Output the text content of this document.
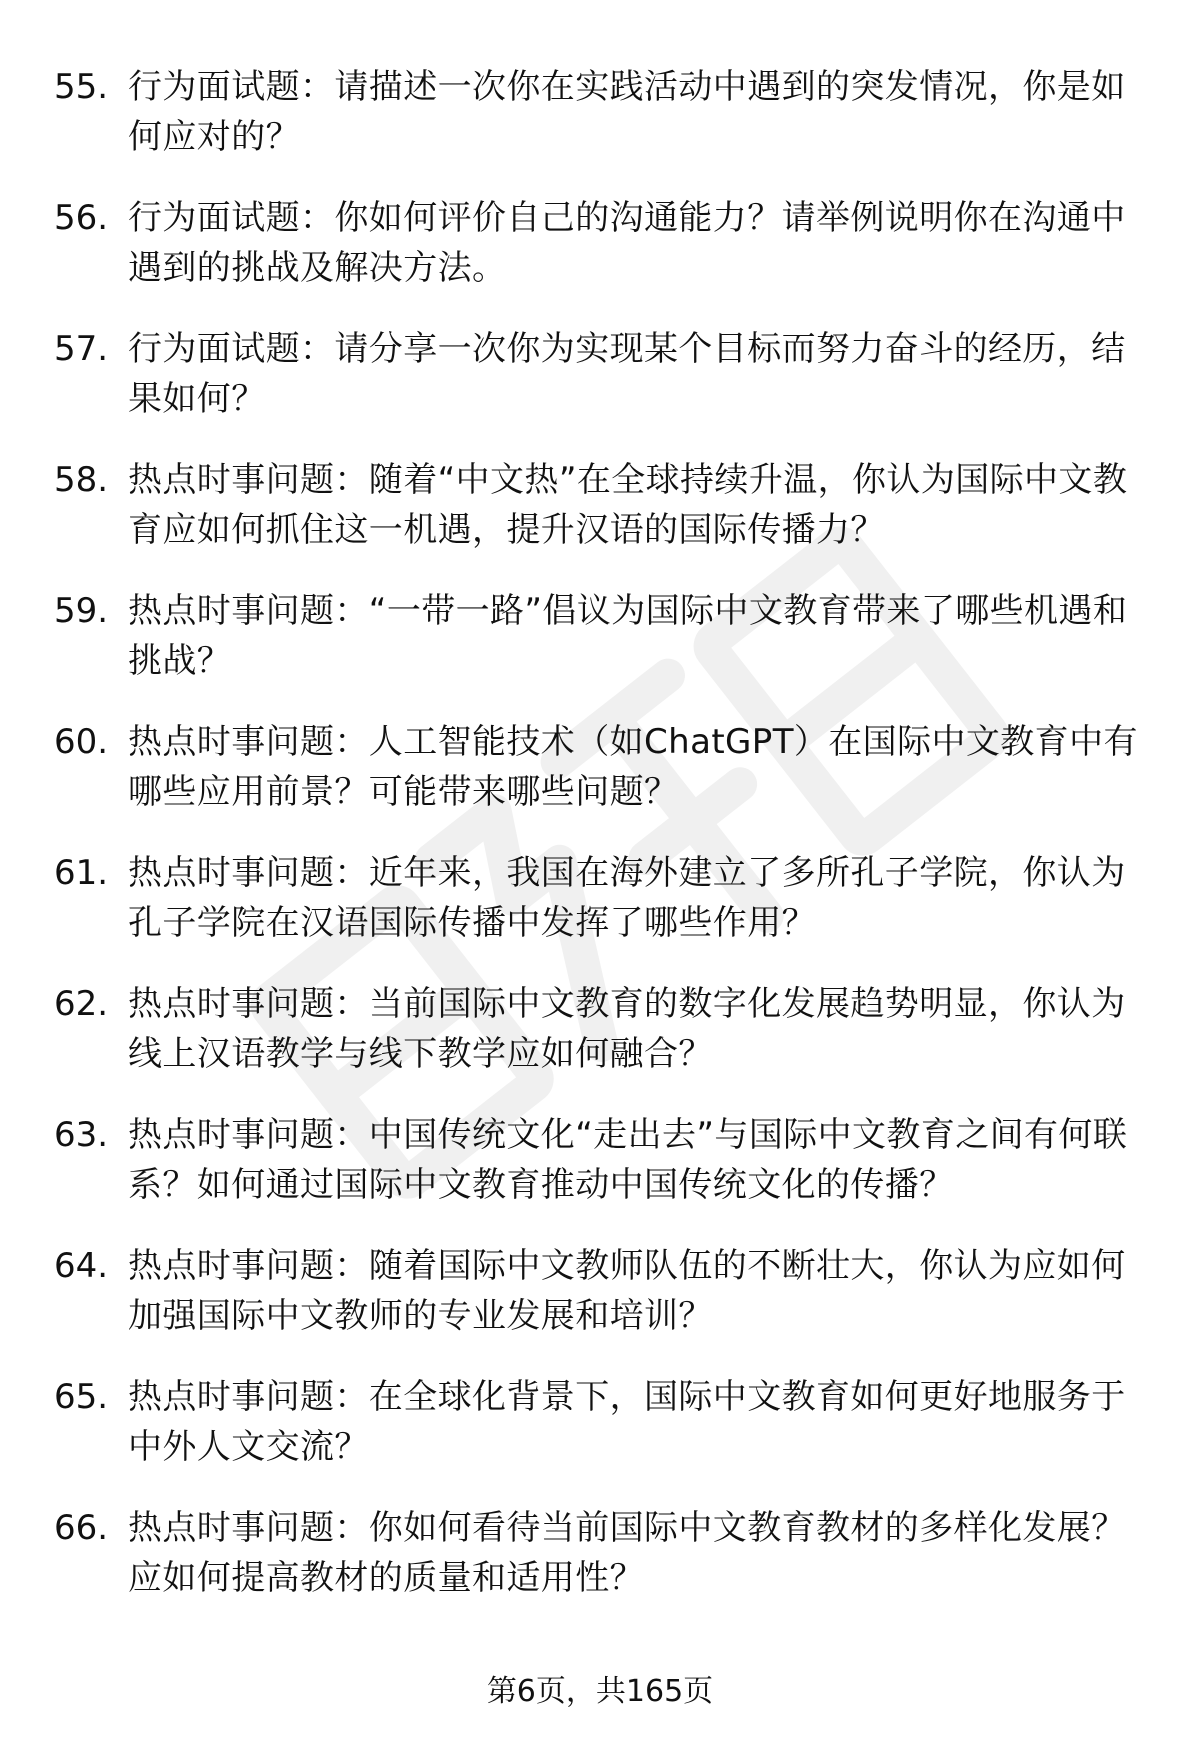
55. 行为面试题：请描述一次你在实践活动中遇到的突发情况，你是如何应对的？
56. 行为面试题：你如何评价自己的沟通能力？请举例说明你在沟通中遇到的挑战及解决方法。
57. 行为面试题：请分享一次你为实现某个目标而努力奋斗的经历，结果如何？
58. 热点时事问题：随着“中文热”在全球持续升温，你认为国际中文教育应如何抓住这一机遇，提升汉语的国际传播力？
59. 热点时事问题：“一带一路”倡议为国际中文教育带来了哪些机遇和挑战？
60. 热点时事问题：人工智能技术（如ChatGPT）在国际中文教育中有哪些应用前景？可能带来哪些问题？
61. 热点时事问题：近年来，我国在海外建立了多所孔子学院，你认为孔子学院在汉语国际传播中发挥了哪些作用？
62. 热点时事问题：当前国际中文教育的数字化发展趋势明显，你认为线上汉语教学与线下教学应如何融合？
63. 热点时事问题：中国传统文化“走出去”与国际中文教育之间有何联系？如何通过国际中文教育推动中国传统文化的传播？
64. 热点时事问题：随着国际中文教师队伍的不断壮大，你认为应如何加强国际中文教师的专业发展和培训？
65. 热点时事问题：在全球化背景下，国际中文教育如何更好地服务于中外人文交流？
66. 热点时事问题：你如何看待当前国际中文教育教材的多样化发展？应如何提高教材的质量和适用性？
第6页，共165页
